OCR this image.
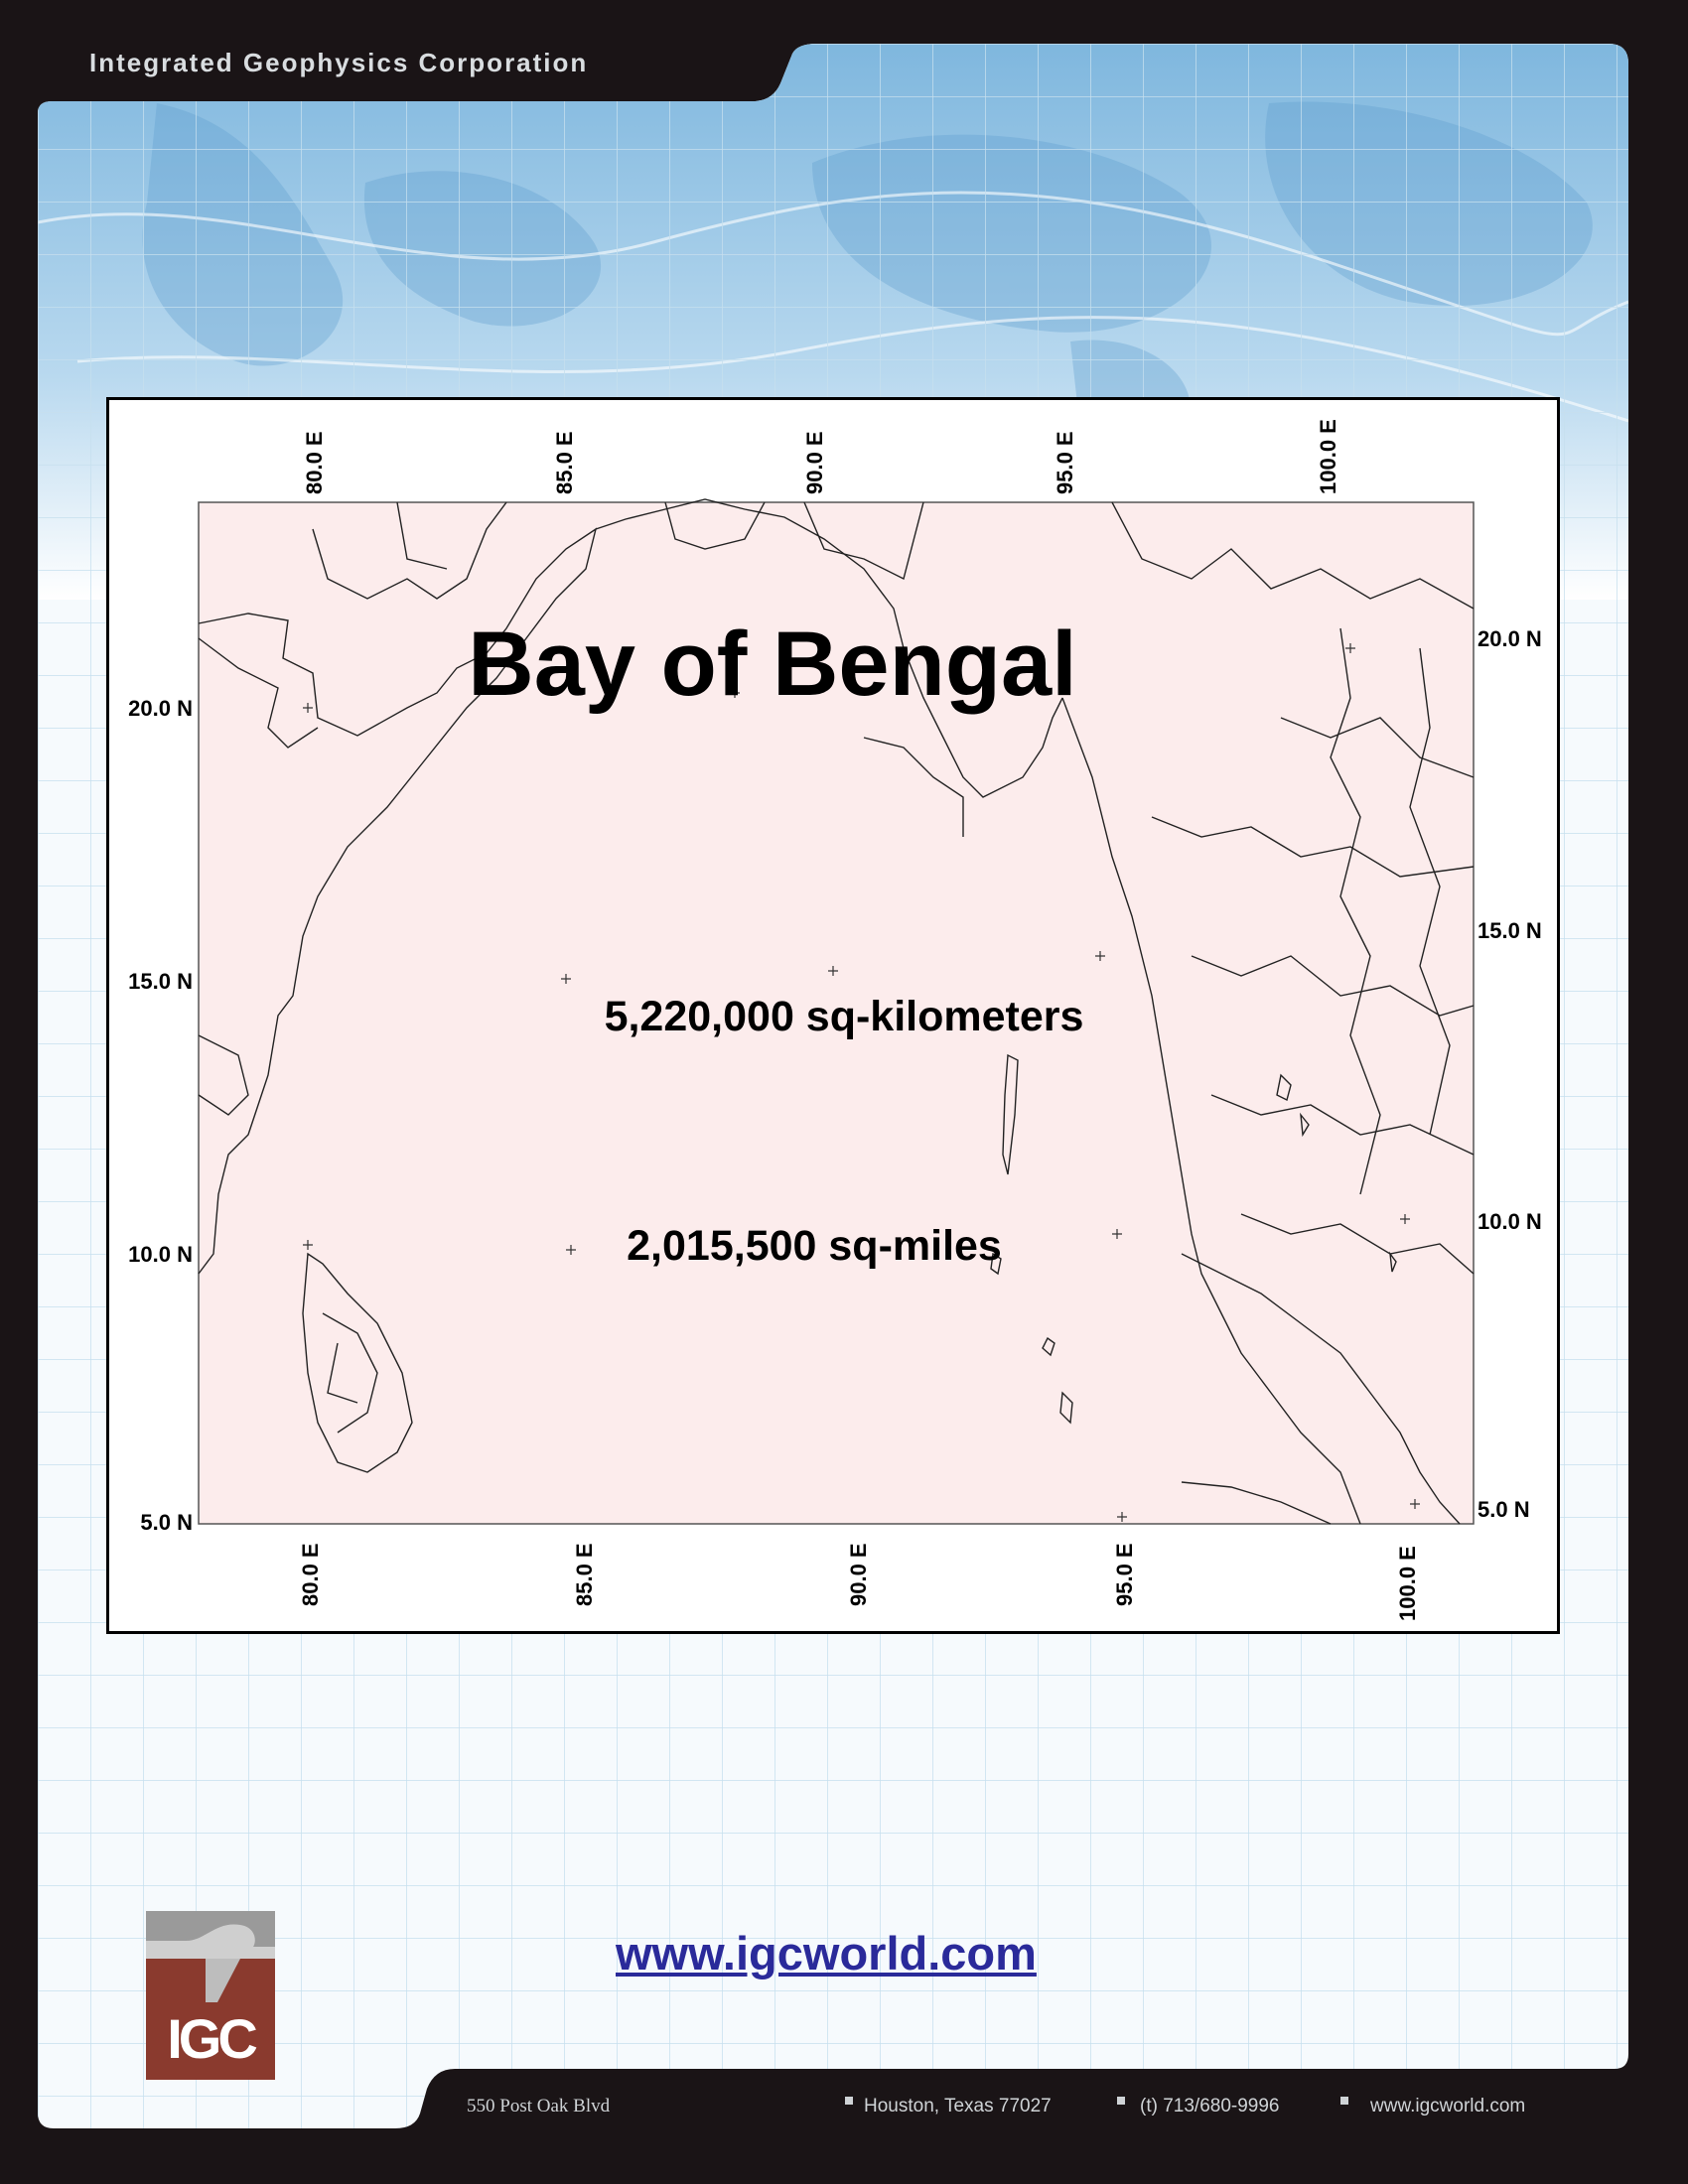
Integrated Geophysics Corporation
Bay of Bengal
5,220,000 sq-kilometers
2,015,500 sq-miles
80.0 E	85.0 E	90.0 E	95.0 E	100.0 E
80.0 E	85.0 E	90.0 E	95.0 E	100.0 E
20.0 N
15.0 N
10.0 N
5.0 N
20.0 N
15.0 N
10.0 N
5.0 N
www.igcworld.com
IGC
550 Post Oak Blvd	Houston, Texas 77027	(t) 713/680-9996	www.igcworld.com
